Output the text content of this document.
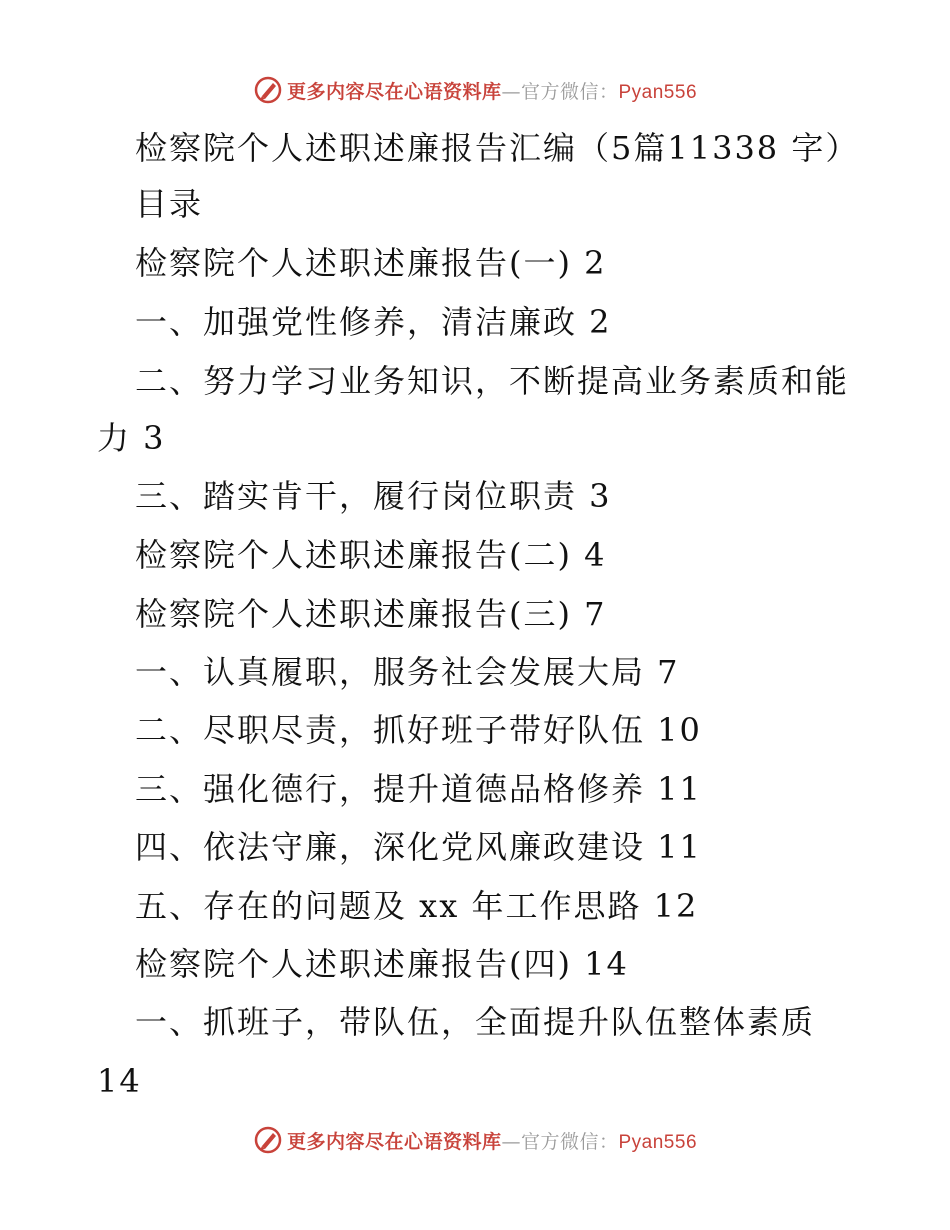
更多内容尽在心语资料库—官方微信：Pyan556
检察院个人述职述廉报告汇编（5篇11338 字）
目录
检察院个人述职述廉报告(一) 2
一、加强党性修养，清洁廉政 2
二、努力学习业务知识，不断提高业务素质和能
力 3
三、踏实肯干，履行岗位职责 3
检察院个人述职述廉报告(二) 4
检察院个人述职述廉报告(三) 7
一、认真履职，服务社会发展大局 7
二、尽职尽责，抓好班子带好队伍 10
三、强化德行，提升道德品格修养 11
四、依法守廉，深化党风廉政建设 11
五、存在的问题及 xx 年工作思路 12
检察院个人述职述廉报告(四) 14
一、抓班子，带队伍，全面提升队伍整体素质
14
更多内容尽在心语资料库—官方微信：Pyan556
